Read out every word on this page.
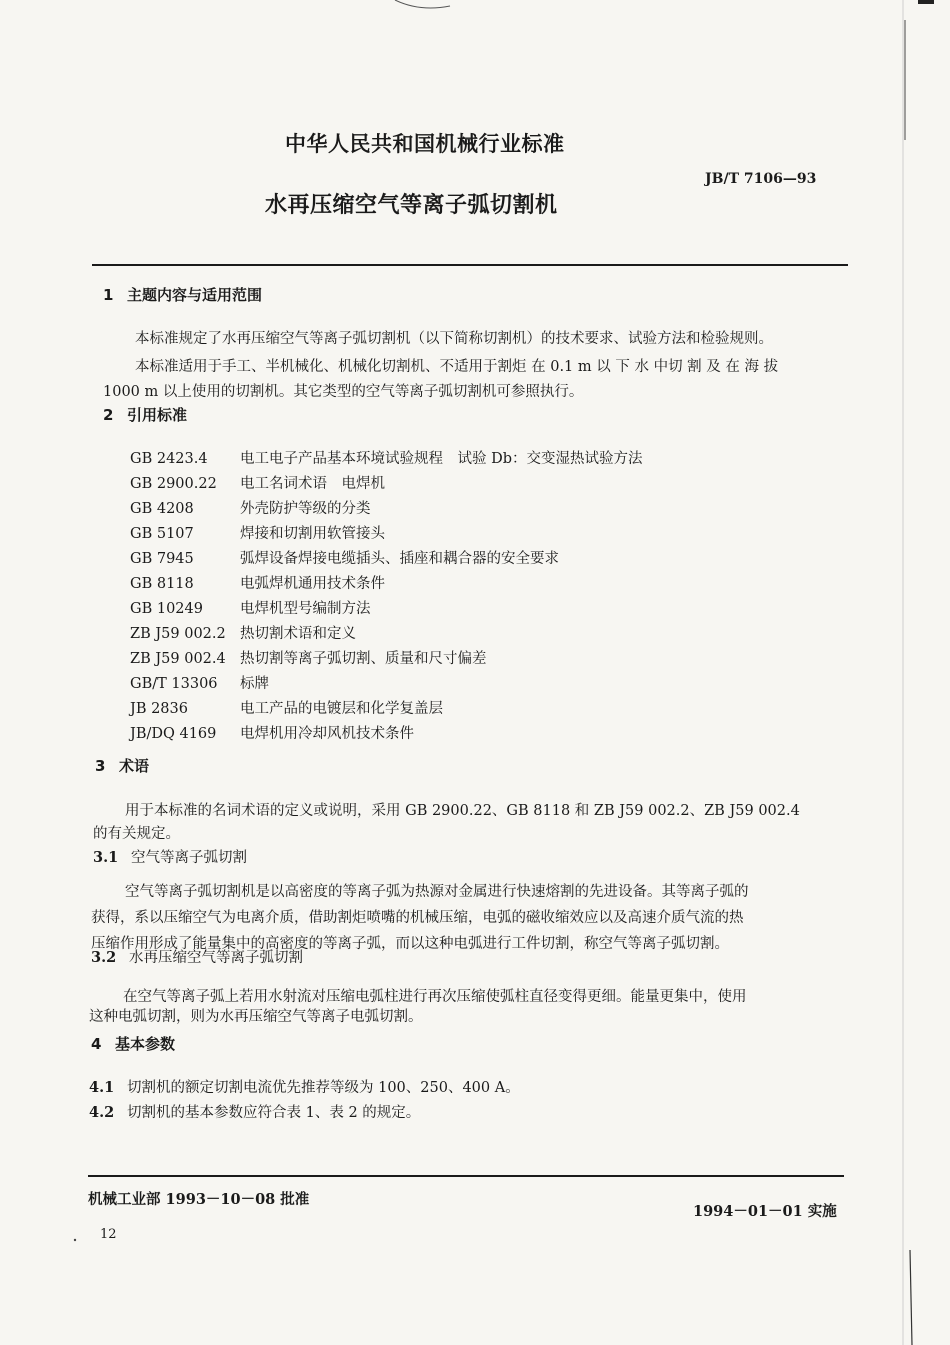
中华人民共和国机械行业标准
JB/T 7106—93
水再压缩空气等离子弧切割机
1 主题内容与适用范围
本标准规定了水再压缩空气等离子弧切割机（以下简称切割机）的技术要求、试验方法和检验规则。
本标准适用于手工、半机械化、机械化切割机、不适用于割炬 在 0.1 m 以 下 水 中切 割 及 在 海 拔
1000 m 以上使用的切割机。其它类型的空气等离子弧切割机可参照执行。
2 引用标准
GB 2423.4 电工电子产品基本环境试验规程　试验 Db：交变湿热试验方法
GB 2900.22 电工名词术语　电焊机
GB 4208	外壳防护等级的分类
GB 5107	焊接和切割用软管接头
GB 7945	弧焊设备焊接电缆插头、插座和耦合器的安全要求
GB 8118	电弧焊机通用技术条件
GB 10249	电焊机型号编制方法
ZB J59 002.2 热切割术语和定义
ZB J59 002.4 热切割等离子弧切割、质量和尺寸偏差
GB/T 13306 标牌
JB 2836	电工产品的电镀层和化学复盖层
JB/DQ 4169 电焊机用冷却风机技术条件
3 术语
用于本标准的名词术语的定义或说明，采用 GB 2900.22、GB 8118 和 ZB J59 002.2、ZB J59 002.4
的有关规定。
3.1 空气等离子弧切割
空气等离子弧切割机是以高密度的等离子弧为热源对金属进行快速熔割的先进设备。其等离子弧的
获得，系以压缩空气为电离介质，借助割炬喷嘴的机械压缩，电弧的磁收缩效应以及高速介质气流的热
压缩作用形成了能量集中的高密度的等离子弧，而以这种电弧进行工件切割，称空气等离子弧切割。
3.2 水再压缩空气等离子弧切割
在空气等离子弧上若用水射流对压缩电弧柱进行再次压缩使弧柱直径变得更细。能量更集中，使用
这种电弧切割，则为水再压缩空气等离子电弧切割。
4 基本参数
4.1 切割机的额定切割电流优先推荐等级为 100、250、400 A。
4.2 切割机的基本参数应符合表 1、表 2 的规定。
机械工业部 1993－10－08 批准
1994－01－01 实施
12
